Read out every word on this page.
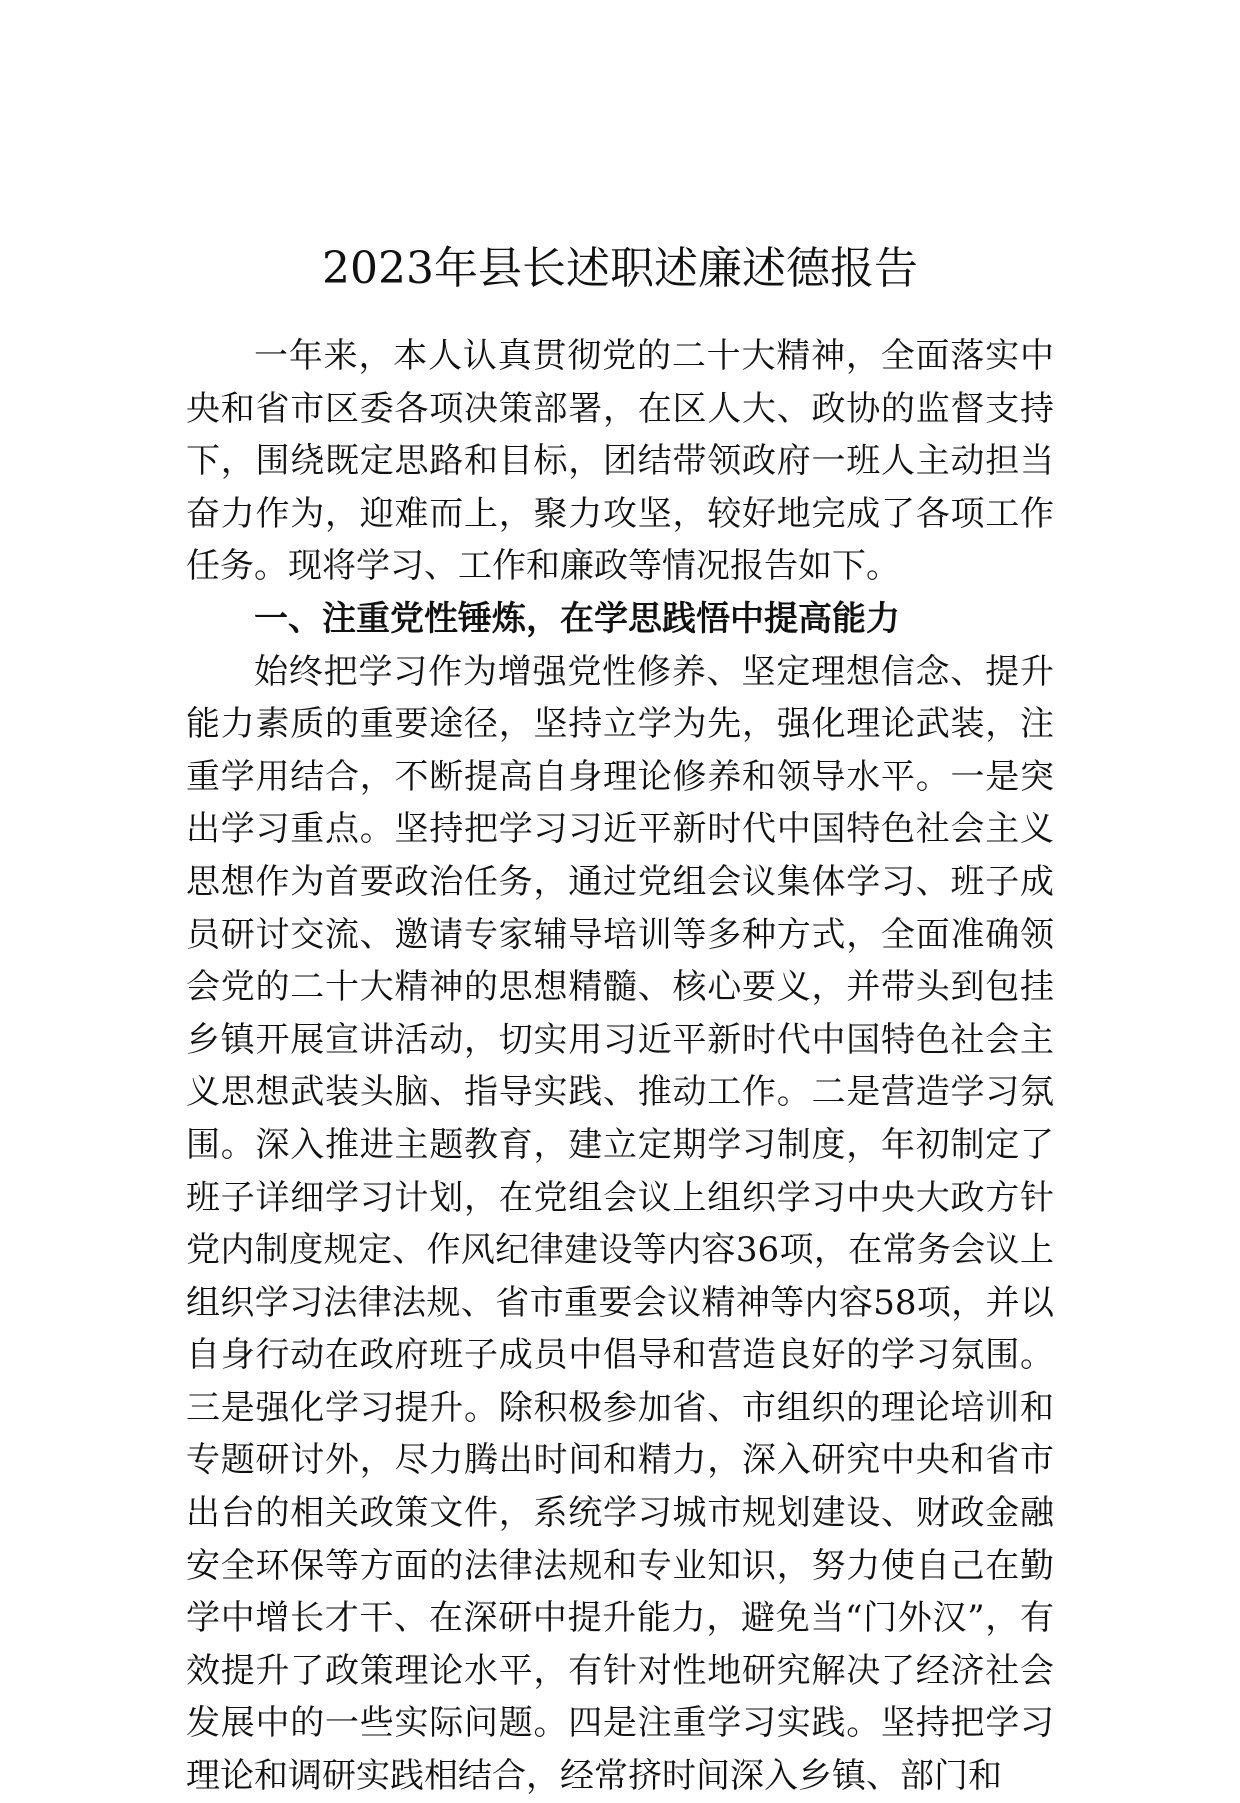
2023年县长述职述廉述德报告

一年来，本人认真贯彻党的二十大精神，全面落实中央和省市区委各项决策部署，在区人大、政协的监督支持下，围绕既定思路和目标，团结带领政府一班人主动担当奋力作为，迎难而上，聚力攻坚，较好地完成了各项工作任务。现将学习、工作和廉政等情况报告如下。

一、注重党性锤炼，在学思践悟中提高能力

始终把学习作为增强党性修养、坚定理想信念、提升能力素质的重要途径，坚持立学为先，强化理论武装，注重学用结合，不断提高自身理论修养和领导水平。一是突出学习重点。坚持把学习习近平新时代中国特色社会主义思想作为首要政治任务，通过党组会议集体学习、班子成员研讨交流、邀请专家辅导培训等多种方式，全面准确领会党的二十大精神的思想精髓、核心要义，并带头到包挂乡镇开展宣讲活动，切实用习近平新时代中国特色社会主义思想武装头脑、指导实践、推动工作。二是营造学习氛围。深入推进主题教育，建立定期学习制度，年初制定了班子详细学习计划，在党组会议上组织学习中央大政方针党内制度规定、作风纪律建设等内容36项，在常务会议上组织学习法律法规、省市重要会议精神等内容58项，并以自身行动在政府班子成员中倡导和营造良好的学习氛围。三是强化学习提升。除积极参加省、市组织的理论培训和专题研讨外，尽力腾出时间和精力，深入研究中央和省市出台的相关政策文件，系统学习城市规划建设、财政金融安全环保等方面的法律法规和专业知识，努力使自己在勤学中增长才干、在深研中提升能力，避免当“门外汉”，有效提升了政策理论水平，有针对性地研究解决了经济社会发展中的一些实际问题。四是注重学习实践。坚持把学习理论和调研实践相结合，经常挤时间深入乡镇、部门和
